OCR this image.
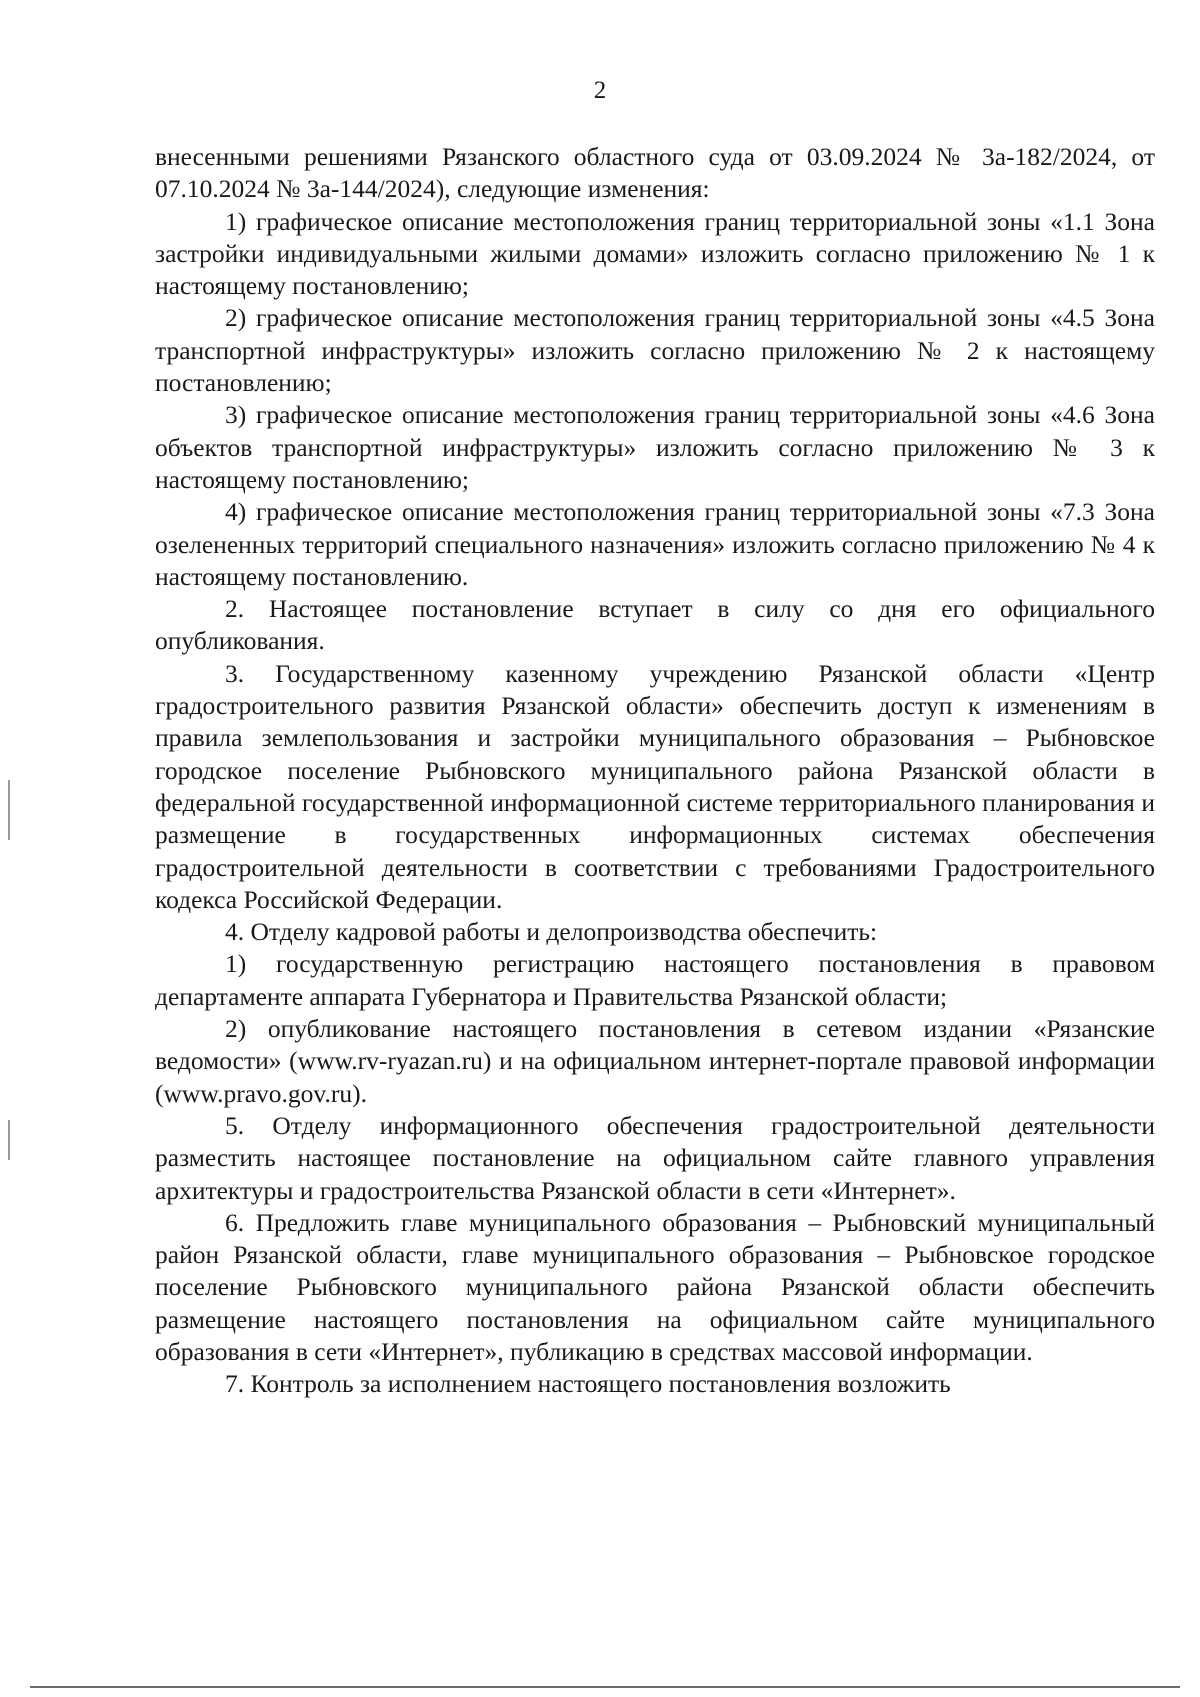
2

внесенными решениями Рязанского областного суда от 03.09.2024 № 3а-182/2024, от 07.10.2024 № 3а-144/2024), следующие изменения:

1) графическое описание местоположения границ территориальной зоны «1.1 Зона застройки индивидуальными жилыми домами» изложить согласно приложению № 1 к настоящему постановлению;

2) графическое описание местоположения границ территориальной зоны «4.5 Зона транспортной инфраструктуры» изложить согласно приложению № 2 к настоящему постановлению;

3) графическое описание местоположения границ территориальной зоны «4.6 Зона объектов транспортной инфраструктуры» изложить согласно приложению № 3 к настоящему постановлению;

4) графическое описание местоположения границ территориальной зоны «7.3 Зона озелененных территорий специального назначения» изложить согласно приложению № 4 к настоящему постановлению.

2. Настоящее постановление вступает в силу со дня его официального опубликования.

3. Государственному казенному учреждению Рязанской области «Центр градостроительного развития Рязанской области» обеспечить доступ к изменениям в правила землепользования и застройки муниципального образования – Рыбновское городское поселение Рыбновского муниципального района Рязанской области в федеральной государственной информационной системе территориального планирования и размещение в государственных информационных системах обеспечения градостроительной деятельности в соответствии с требованиями Градостроительного кодекса Российской Федерации.

4. Отделу кадровой работы и делопроизводства обеспечить:

1) государственную регистрацию настоящего постановления в правовом департаменте аппарата Губернатора и Правительства Рязанской области;

2) опубликование настоящего постановления в сетевом издании «Рязанские ведомости» (www.rv-ryazan.ru) и на официальном интернет-портале правовой информации (www.pravo.gov.ru).

5. Отделу информационного обеспечения градостроительной деятельности разместить настоящее постановление на официальном сайте главного управления архитектуры и градостроительства Рязанской области в сети «Интернет».

6. Предложить главе муниципального образования – Рыбновский муниципальный район Рязанской области, главе муниципального образования – Рыбновское городское поселение Рыбновского муниципального района Рязанской области обеспечить размещение настоящего постановления на официальном сайте муниципального образования в сети «Интернет», публикацию в средствах массовой информации.

7. Контроль за исполнением настоящего постановления возложить
